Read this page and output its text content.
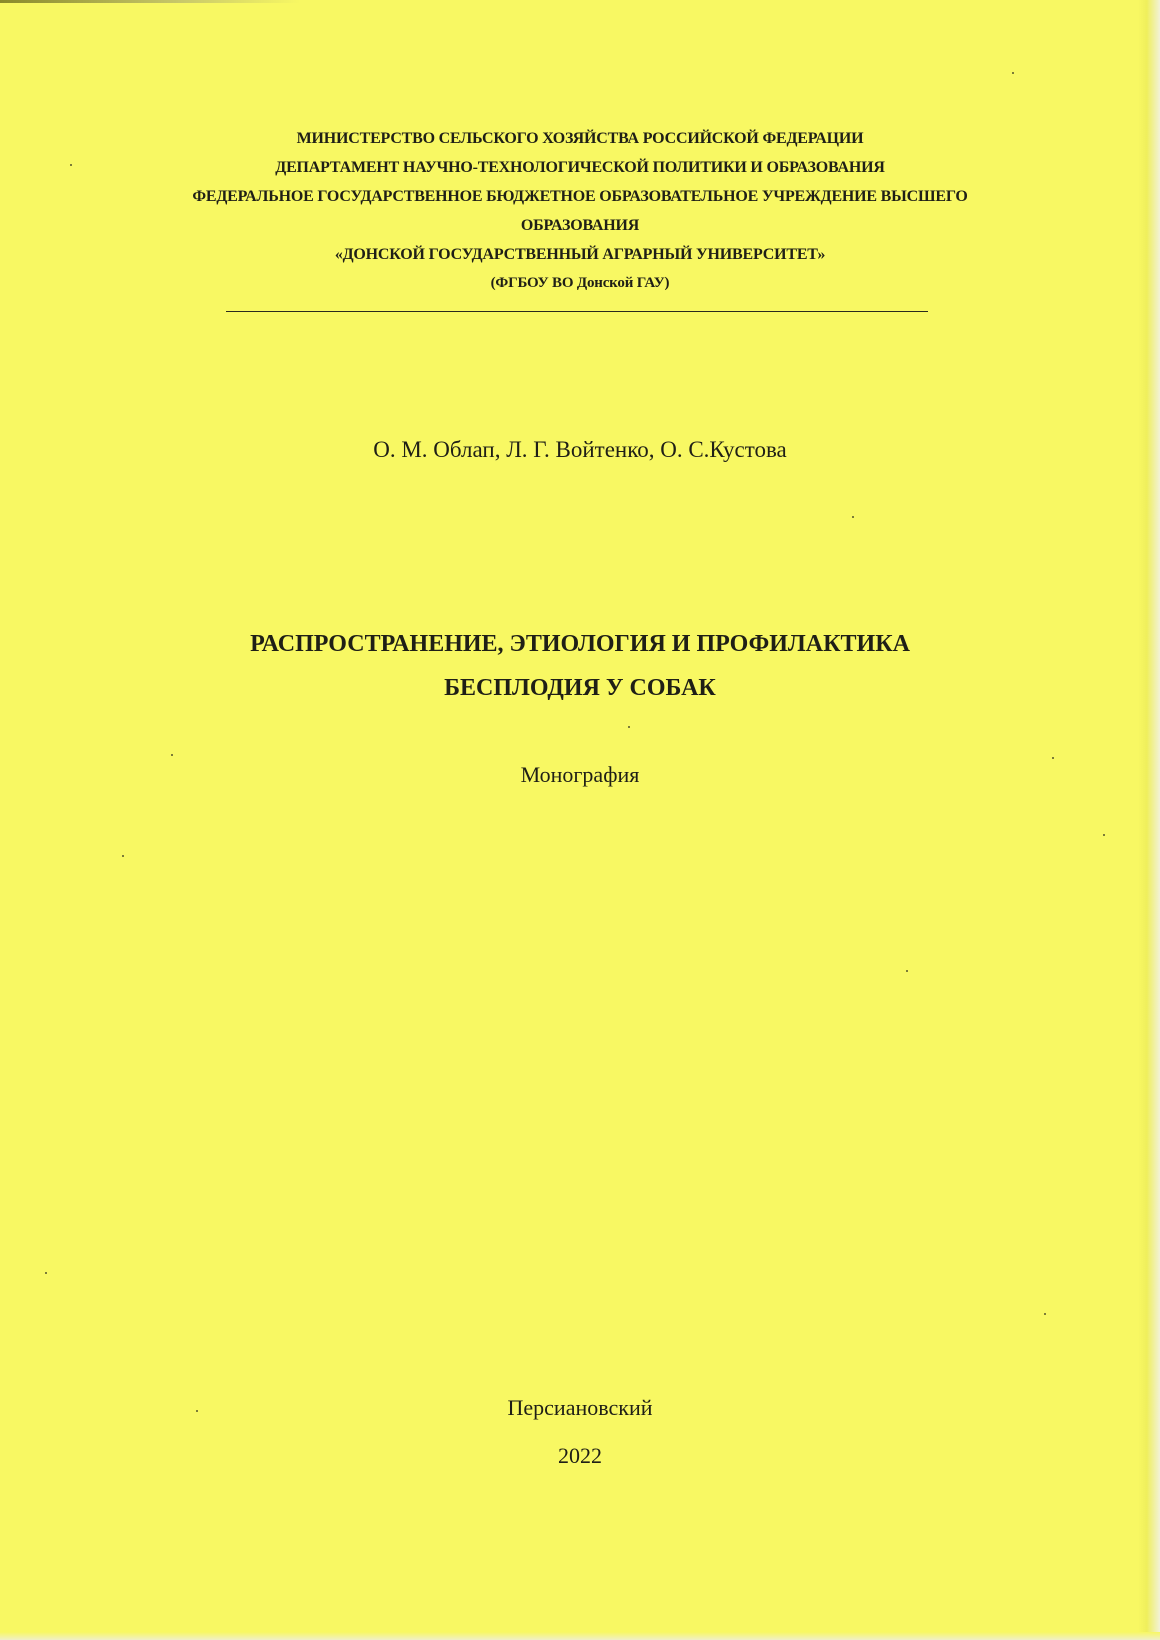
МИНИСТЕРСТВО СЕЛЬСКОГО ХОЗЯЙСТВА РОССИЙСКОЙ ФЕДЕРАЦИИ
ДЕПАРТАМЕНТ НАУЧНО-ТЕХНОЛОГИЧЕСКОЙ ПОЛИТИКИ И ОБРАЗОВАНИЯ
ФЕДЕРАЛЬНОЕ ГОСУДАРСТВЕННОЕ БЮДЖЕТНОЕ ОБРАЗОВАТЕЛЬНОЕ УЧРЕЖДЕНИЕ ВЫСШЕГО
ОБРАЗОВАНИЯ
«ДОНСКОЙ ГОСУДАРСТВЕННЫЙ АГРАРНЫЙ УНИВЕРСИТЕТ»
(ФГБОУ ВО Донской ГАУ)
О. М. Облап, Л. Г. Войтенко, О. С.Кустова
РАСПРОСТРАНЕНИЕ, ЭТИОЛОГИЯ И ПРОФИЛАКТИКА
БЕСПЛОДИЯ У СОБАК
Монография
Персиановский
2022
